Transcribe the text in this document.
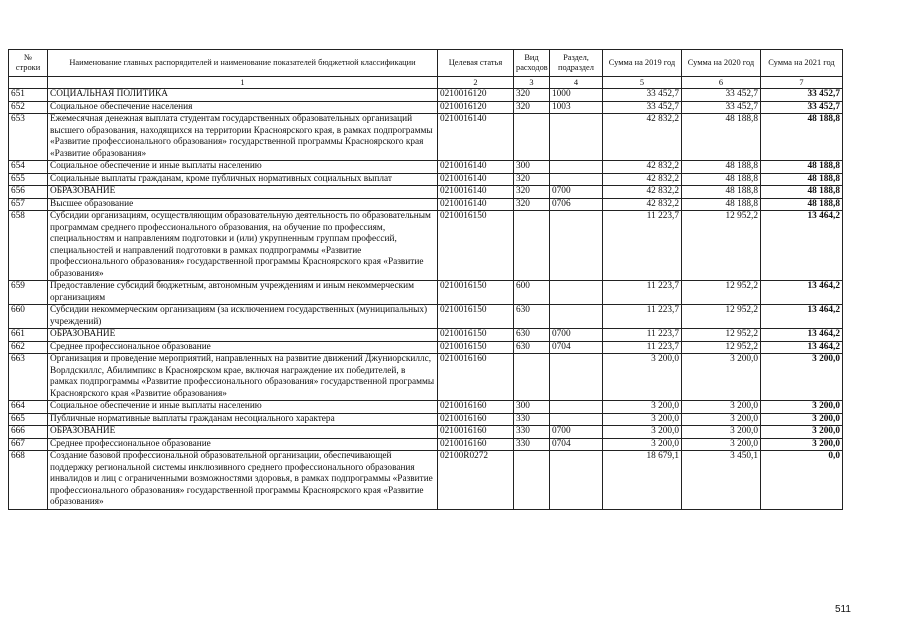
№ строки	Наименование главных распорядителей и наименование показателей бюджетной классификации	Целевая статья	Вид расходов	Раздел, подраздел	Сумма на 2019 год	Сумма на 2020 год	Сумма на 2021 год
	1	2	3	4	5	6	7
651	СОЦИАЛЬНАЯ ПОЛИТИКА	0210016120	320	1000	33 452,7	33 452,7	33 452,7
652	Социальное обеспечение населения	0210016120	320	1003	33 452,7	33 452,7	33 452,7
653	Ежемесячная денежная выплата студентам государственных образовательных организаций высшего образования, находящихся на территории Красноярского края, в рамках подпрограммы «Развитие профессионального образования» государственной программы Красноярского края «Развитие образования»	0210016140			42 832,2	48 188,8	48 188,8
654	Социальное обеспечение и иные выплаты населению	0210016140	300		42 832,2	48 188,8	48 188,8
655	Социальные выплаты гражданам, кроме публичных нормативных социальных выплат	0210016140	320		42 832,2	48 188,8	48 188,8
656	ОБРАЗОВАНИЕ	0210016140	320	0700	42 832,2	48 188,8	48 188,8
657	Высшее образование	0210016140	320	0706	42 832,2	48 188,8	48 188,8
658	Субсидии организациям, осуществляющим образовательную деятельность по образовательным программам среднего профессионального образования, на обучение по профессиям, специальностям и направлениям подготовки и (или) укрупненным группам профессий, специальностей и направлений подготовки в рамках подпрограммы «Развитие профессионального образования» государственной программы Красноярского края «Развитие образования»	0210016150			11 223,7	12 952,2	13 464,2
659	Предоставление субсидий бюджетным, автономным учреждениям и иным некоммерческим организациям	0210016150	600		11 223,7	12 952,2	13 464,2
660	Субсидии некоммерческим организациям (за исключением государственных (муниципальных) учреждений)	0210016150	630		11 223,7	12 952,2	13 464,2
661	ОБРАЗОВАНИЕ	0210016150	630	0700	11 223,7	12 952,2	13 464,2
662	Среднее профессиональное образование	0210016150	630	0704	11 223,7	12 952,2	13 464,2
663	Организация и проведение мероприятий, направленных на развитие движений Джуниорскиллс, Ворлдскиллс, Абилимпикс в Красноярском крае, включая награждение их победителей, в рамках подпрограммы «Развитие профессионального образования» государственной программы Красноярского края «Развитие образования»	0210016160			3 200,0	3 200,0	3 200,0
664	Социальное обеспечение и иные выплаты населению	0210016160	300		3 200,0	3 200,0	3 200,0
665	Публичные нормативные выплаты гражданам несоциального характера	0210016160	330		3 200,0	3 200,0	3 200,0
666	ОБРАЗОВАНИЕ	0210016160	330	0700	3 200,0	3 200,0	3 200,0
667	Среднее профессиональное образование	0210016160	330	0704	3 200,0	3 200,0	3 200,0
668	Создание базовой профессиональной образовательной организации, обеспечивающей поддержку региональной системы инклюзивного среднего профессионального образования инвалидов и лиц с ограниченными возможностями здоровья, в рамках подпрограммы «Развитие профессионального образования» государственной программы Красноярского края «Развитие образования»	02100R0272			18 679,1	3 450,1	0,0
511
